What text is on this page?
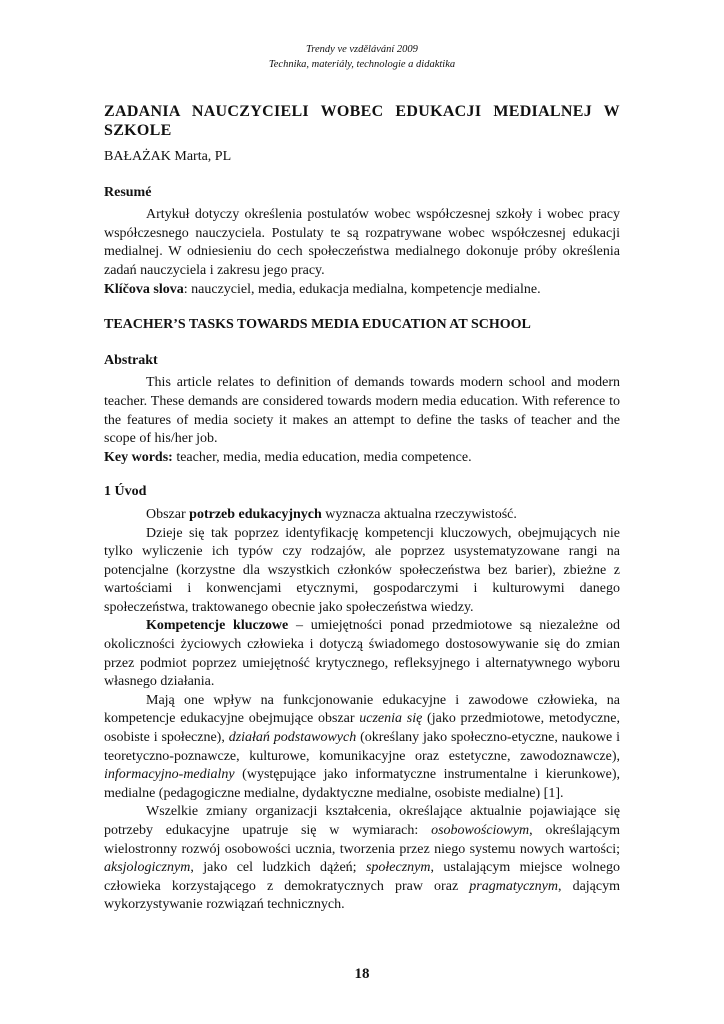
Trendy ve vzdělávání 2009
Technika, materiály, technologie a didaktika
ZADANIA NAUCZYCIELI WOBEC EDUKACJI MEDIALNEJ W SZKOLE
BAŁAŻAK Marta, PL
Resumé

Artykuł dotyczy określenia postulatów wobec współczesnej szkoły i wobec pracy współczesnego nauczyciela. Postulaty te są rozpatrywane wobec współczesnej edukacji medialnej. W odniesieniu do cech społeczeństwa medialnego dokonuje próby określenia zadań nauczyciela i zakresu jego pracy.

Klíčova slova: nauczyciel, media, edukacja medialna, kompetencje medialne.

TEACHER’S TASKS TOWARDS MEDIA EDUCATION AT SCHOOL
Abstrakt

This article relates to definition of demands towards modern school and modern teacher. These demands are considered towards modern media education. With reference to the features of media society it makes an attempt to define the tasks of teacher and the scope of his/her job.

Key words: teacher, media, media education, media competence.

1 Úvod

Obszar potrzeb edukacyjnych wyznacza aktualna rzeczywistość.

Dzieje się tak poprzez identyfikację kompetencji kluczowych, obejmujących nie tylko wyliczenie ich typów czy rodzajów, ale poprzez usystematyzowane rangi na potencjalne (korzystne dla wszystkich członków społeczeństwa bez barier), zbieżne z wartościami i konwencjami etycznymi, gospodarczymi i kulturowymi danego społeczeństwa, traktowanego obecnie jako społeczeństwa wiedzy.

Kompetencje kluczowe – umiejętności ponad przedmiotowe są niezależne od okoliczności życiowych człowieka i dotyczą świadomego dostosowywanie się do zmian przez podmiot poprzez umiejętność krytycznego, refleksyjnego i alternatywnego wyboru własnego działania.

Mają one wpływ na funkcjonowanie edukacyjne i zawodowe człowieka, na kompetencje edukacyjne obejmujące obszar uczenia się (jako przedmiotowe, metodyczne, osobiste i społeczne), działań podstawowych (określany jako społeczno-etyczne, naukowe i teoretyczno-poznawcze, kulturowe, komunikacyjne oraz estetyczne, zawodoznawcze), informacyjno-medialny (występujące jako informatyczne instrumentalne i kierunkowe), medialne (pedagogiczne medialne, dydaktyczne medialne, osobiste medialne) [1].

Wszelkie zmiany organizacji kształcenia, określające aktualnie pojawiające się potrzeby edukacyjne upatruje się w wymiarach: osobowościowym, określającym wielostronny rozwój osobowości ucznia, tworzenia przez niego systemu nowych wartości; aksjologicznym, jako cel ludzkich dążeń; społecznym, ustalającym miejsce wolnego człowieka korzystającego z demokratycznych praw oraz pragmatycznym, dającym wykorzystywanie rozwiązań technicznych.

18
